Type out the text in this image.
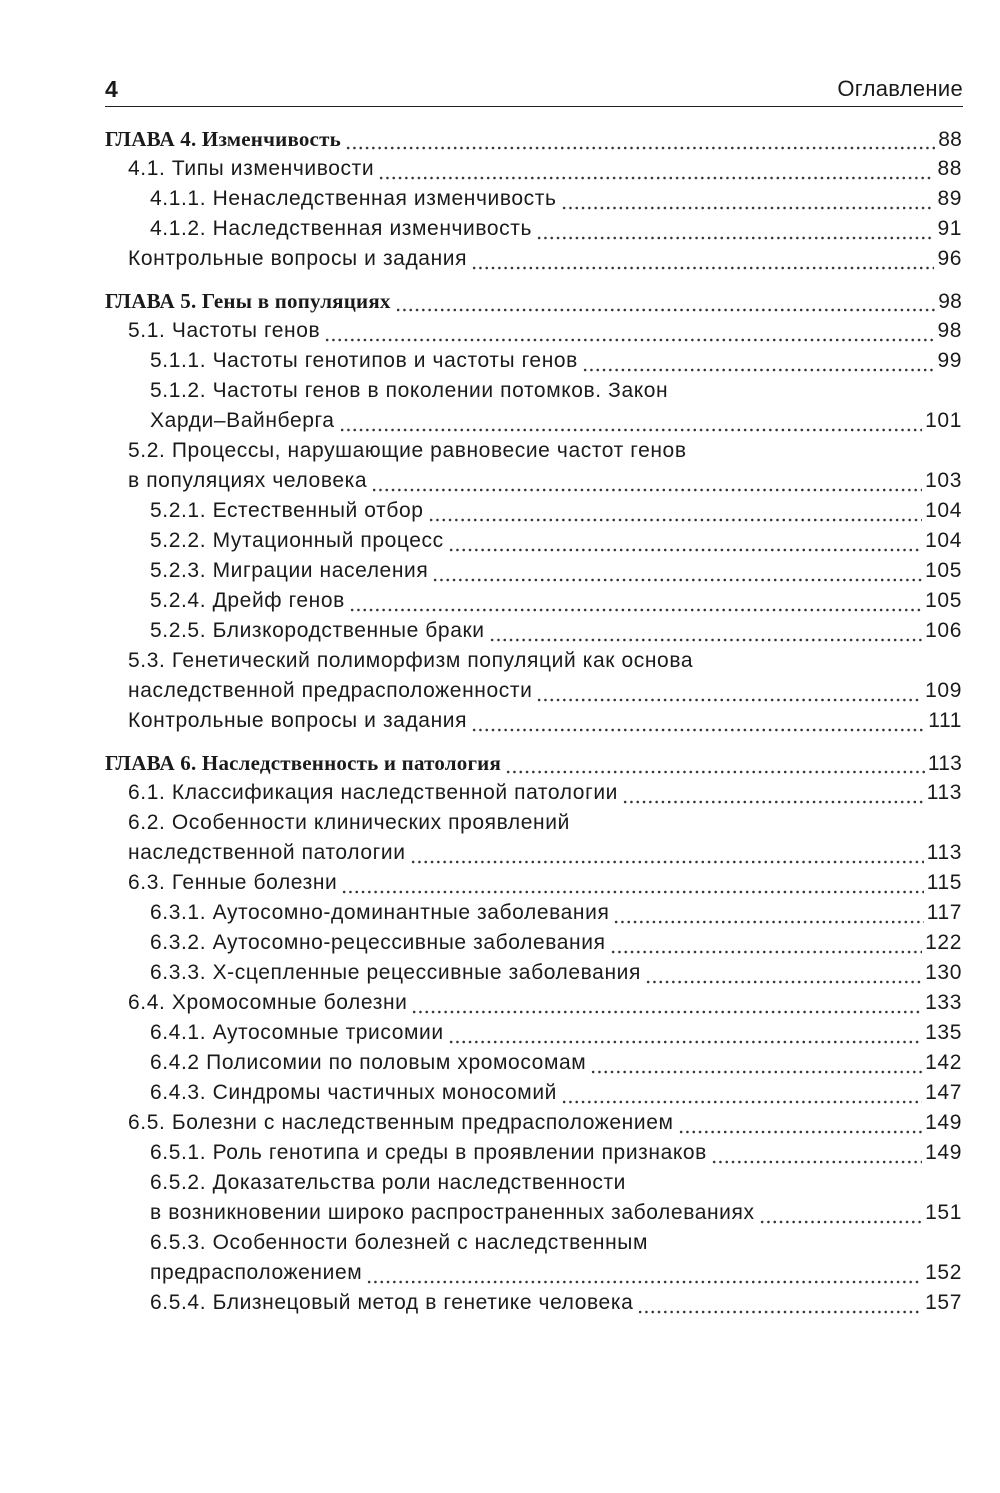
4	Оглавление
ГЛАВА 4. Изменчивость	88
4.1. Типы изменчивости	88
4.1.1. Ненаследственная изменчивость	89
4.1.2. Наследственная изменчивость	91
Контрольные вопросы и задания	96
ГЛАВА 5. Гены в популяциях	98
5.1. Частоты генов	98
5.1.1. Частоты генотипов и частоты генов	99
5.1.2. Частоты генов в поколении потомков. Закон
Харди–Вайнберга	101
5.2. Процессы, нарушающие равновесие частот генов
в популяциях человека	103
5.2.1. Естественный отбор	104
5.2.2. Мутационный процесс	104
5.2.3. Миграции населения	105
5.2.4. Дрейф генов	105
5.2.5. Близкородственные браки	106
5.3. Генетический полиморфизм популяций как основа
наследственной предрасположенности	109
Контрольные вопросы и задания	111
ГЛАВА 6. Наследственность и патология	113
6.1. Классификация наследственной патологии	113
6.2. Особенности клинических проявлений
наследственной патологии	113
6.3. Генные болезни	115
6.3.1. Аутосомно-доминантные заболевания	117
6.3.2. Аутосомно-рецессивные заболевания	122
6.3.3. Х-сцепленные рецессивные заболевания	130
6.4. Хромосомные болезни	133
6.4.1. Аутосомные трисомии	135
6.4.2 Полисомии по половым хромосомам	142
6.4.3. Синдромы частичных моносомий	147
6.5. Болезни с наследственным предрасположением	149
6.5.1. Роль генотипа и среды в проявлении признаков	149
6.5.2. Доказательства роли наследственности
в возникновении широко распространенных заболеваниях	151
6.5.3. Особенности болезней с наследственным
предрасположением	152
6.5.4. Близнецовый метод в генетике человека	157
